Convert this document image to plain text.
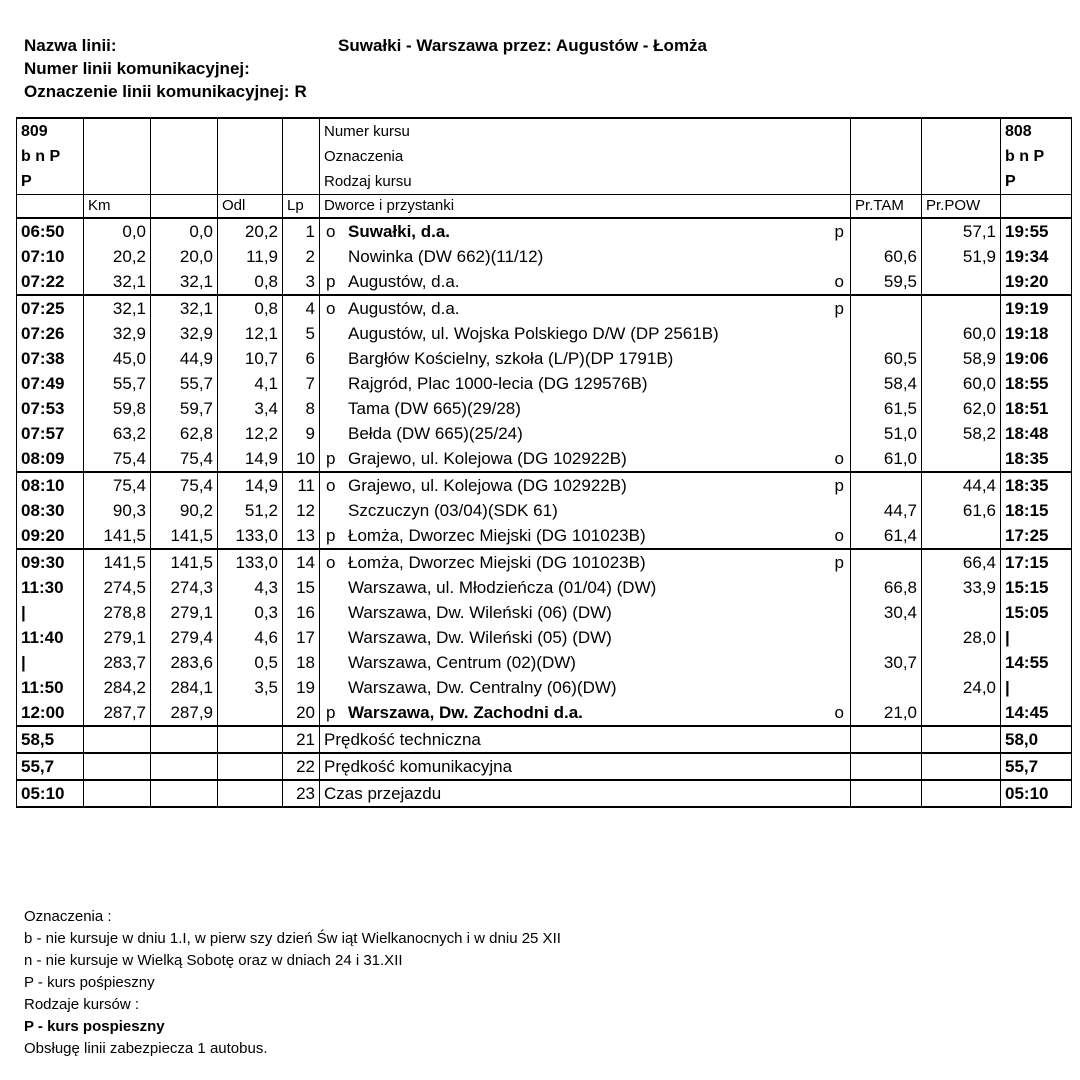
Nazwa linii:	Suwałki - Warszawa przez: Augustów - Łomża
Numer linii komunikacyjnej:
Oznaczenie linii komunikacyjnej: R
809					Numer kursu			808
b n P					Oznaczenia			b n P
P					Rodzaj kursu			P
	Km		Odl	Lp	Dworce i przystanki	Pr.TAM	Pr.POW	
06:50	0,0	0,0	20,2	1	o Suwałki, d.a. p		57,1	19:55
07:10	20,2	20,0	11,9	2	Nowinka (DW 662)(11/12)	60,6	51,9	19:34
07:22	32,1	32,1	0,8	3	p Augustów, d.a. o	59,5		19:20
07:25	32,1	32,1	0,8	4	o Augustów, d.a. p			19:19
07:26	32,9	32,9	12,1	5	Augustów, ul. Wojska Polskiego D/W (DP 2561B)		60,0	19:18
07:38	45,0	44,9	10,7	6	Bargłów Kościelny, szkoła (L/P)(DP 1791B)	60,5	58,9	19:06
07:49	55,7	55,7	4,1	7	Rajgród, Plac 1000-lecia (DG 129576B)	58,4	60,0	18:55
07:53	59,8	59,7	3,4	8	Tama (DW 665)(29/28)	61,5	62,0	18:51
07:57	63,2	62,8	12,2	9	Bełda (DW 665)(25/24)	51,0	58,2	18:48
08:09	75,4	75,4	14,9	10	p Grajewo, ul. Kolejowa (DG 102922B) o	61,0		18:35
08:10	75,4	75,4	14,9	11	o Grajewo, ul. Kolejowa (DG 102922B) p		44,4	18:35
08:30	90,3	90,2	51,2	12	Szczuczyn (03/04)(SDK 61)	44,7	61,6	18:15
09:20	141,5	141,5	133,0	13	p Łomża, Dworzec Miejski (DG 101023B) o	61,4		17:25
09:30	141,5	141,5	133,0	14	o Łomża, Dworzec Miejski (DG 101023B) p		66,4	17:15
11:30	274,5	274,3	4,3	15	Warszawa, ul. Młodzieńcza (01/04) (DW)	66,8	33,9	15:15
|	278,8	279,1	0,3	16	Warszawa, Dw. Wileński (06) (DW)	30,4		15:05
11:40	279,1	279,4	4,6	17	Warszawa, Dw. Wileński (05) (DW)		28,0	|
|	283,7	283,6	0,5	18	Warszawa, Centrum (02)(DW)	30,7		14:55
11:50	284,2	284,1	3,5	19	Warszawa, Dw. Centralny (06)(DW)		24,0	|
12:00	287,7	287,9		20	p Warszawa, Dw. Zachodni d.a. o	21,0		14:45
58,5				21	Prędkość techniczna			58,0
55,7				22	Prędkość komunikacyjna			55,7
05:10				23	Czas przejazdu			05:10
Oznaczenia :
b - nie kursuje w dniu 1.I, w pierw szy dzień Św iąt Wielkanocnych i w dniu 25 XII
n - nie kursuje w Wielką Sobotę oraz w dniach 24 i 31.XII
P - kurs pośpieszny
Rodzaje kursów :
P - kurs pospieszny
Obsługę linii zabezpiecza 1 autobus.
